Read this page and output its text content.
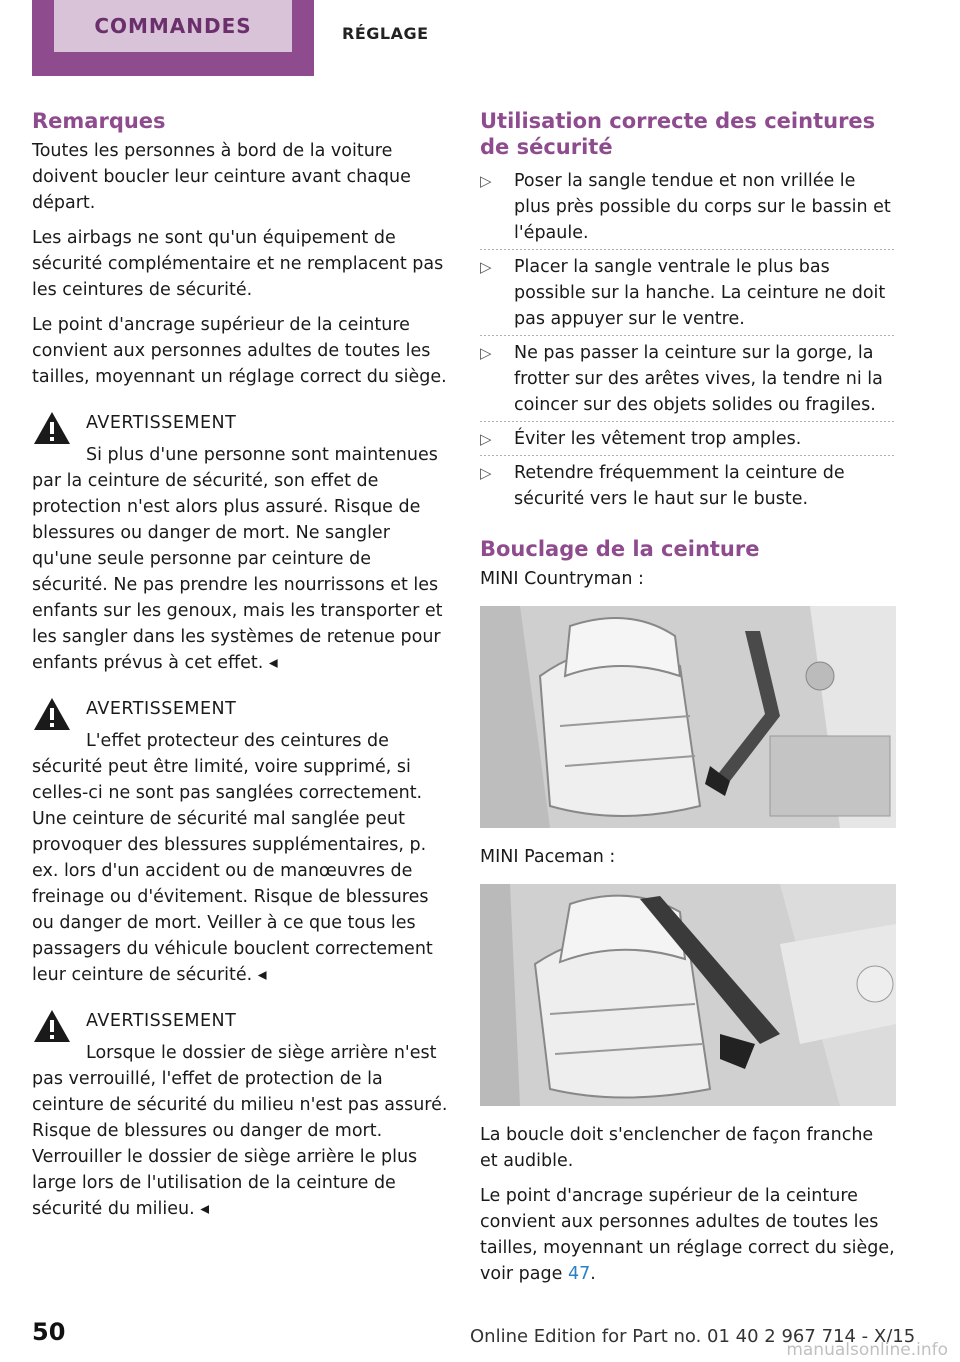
COMMANDES	RÉGLAGE
Remarques

Toutes les personnes à bord de la voiture doivent boucler leur ceinture avant chaque départ.

Les airbags ne sont qu'un équipement de sécurité complémentaire et ne remplacent pas les ceintures de sécurité.

Le point d'ancrage supérieur de la ceinture convient aux personnes adultes de toutes les tailles, moyennant un réglage correct du siège.

AVERTISSEMENT

Si plus d'une personne sont maintenues par la ceinture de sécurité, son effet de protection n'est alors plus assuré. Risque de blessures ou danger de mort. Ne sangler qu'une seule personne par ceinture de sécurité. Ne pas prendre les nourrissons et les enfants sur les genoux, mais les transporter et les sangler dans les systèmes de retenue pour enfants prévus à cet effet. ◂

AVERTISSEMENT

L'effet protecteur des ceintures de sécurité peut être limité, voire supprimé, si celles-ci ne sont pas sanglées correctement. Une ceinture de sécurité mal sanglée peut provoquer des blessures supplémentaires, p. ex. lors d'un accident ou de manœuvres de freinage ou d'évitement. Risque de blessures ou danger de mort. Veiller à ce que tous les passagers du véhicule bouclent correctement leur ceinture de sécurité. ◂

AVERTISSEMENT

Lorsque le dossier de siège arrière n'est pas verrouillé, l'effet de protection de la ceinture de sécurité du milieu n'est pas assuré. Risque de blessures ou danger de mort. Verrouiller le dossier de siège arrière le plus large lors de l'utilisation de la ceinture de sécurité du milieu. ◂

Utilisation correcte des ceintures de sécurité
▷ Poser la sangle tendue et non vrillée le plus près possible du corps sur le bassin et l'épaule.
▷ Placer la sangle ventrale le plus bas possible sur la hanche. La ceinture ne doit pas appuyer sur le ventre.
▷ Ne pas passer la ceinture sur la gorge, la frotter sur des arêtes vives, la tendre ni la coincer sur des objets solides ou fragiles.
▷ Éviter les vêtement trop amples.
▷ Retendre fréquemment la ceinture de sécurité vers le haut sur le buste.
Bouclage de la ceinture

MINI Countryman :

MINI Paceman :

La boucle doit s'enclencher de façon franche et audible.

Le point d'ancrage supérieur de la ceinture convient aux personnes adultes de toutes les tailles, moyennant un réglage correct du siège, voir page 47.

50	Online Edition for Part no. 01 40 2 967 714 - X/15
manualsonline.info
